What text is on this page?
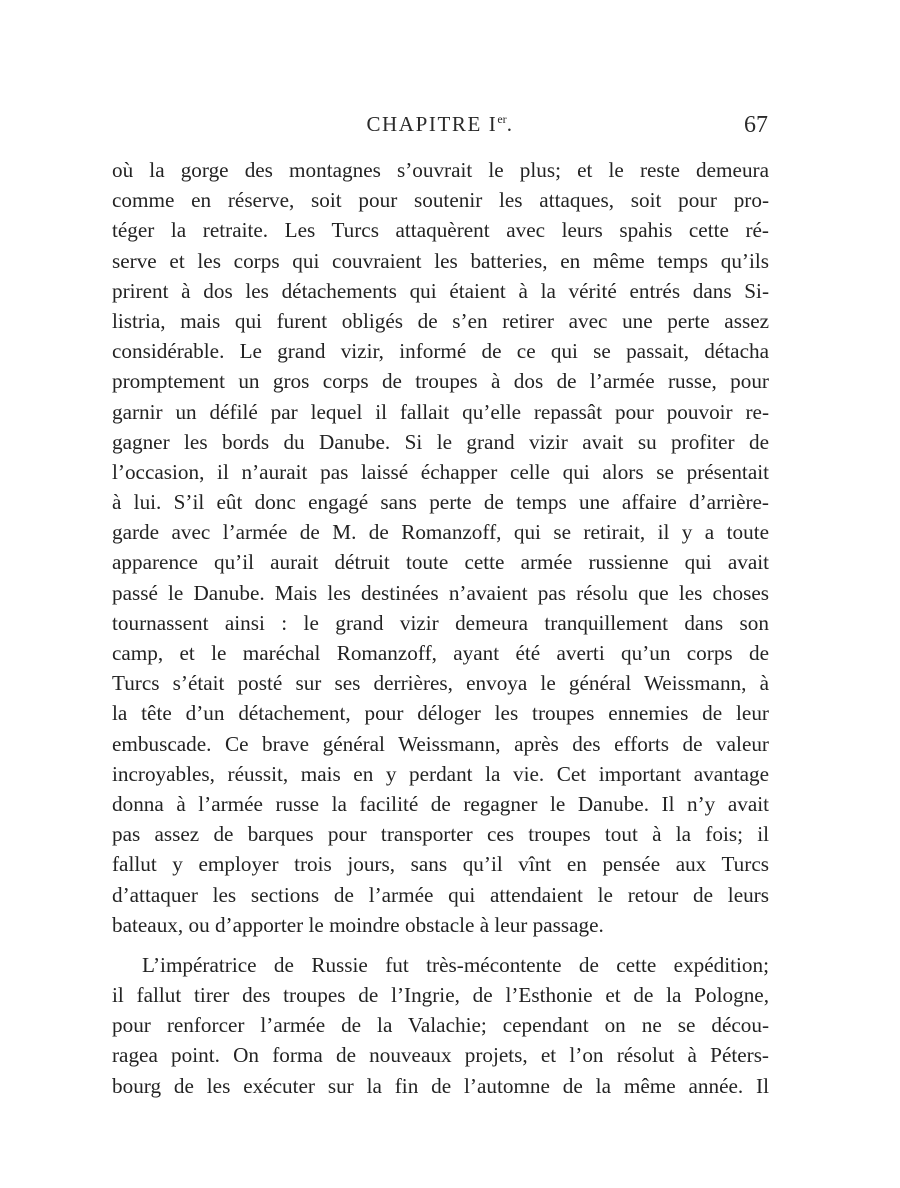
CHAPITRE Ier.	67
où la gorge des montagnes s’ouvrait le plus; et le reste demeura
comme en réserve, soit pour soutenir les attaques, soit pour pro-
téger la retraite. Les Turcs attaquèrent avec leurs spahis cette ré-
serve et les corps qui couvraient les batteries, en même temps qu’ils
prirent à dos les détachements qui étaient à la vérité entrés dans Si-
listria, mais qui furent obligés de s’en retirer avec une perte assez
considérable. Le grand vizir, informé de ce qui se passait, détacha
promptement un gros corps de troupes à dos de l’armée russe, pour
garnir un défilé par lequel il fallait qu’elle repassât pour pouvoir re-
gagner les bords du Danube. Si le grand vizir avait su profiter de
l’occasion, il n’aurait pas laissé échapper celle qui alors se présentait
à lui. S’il eût donc engagé sans perte de temps une affaire d’arrière-
garde avec l’armée de M. de Romanzoff, qui se retirait, il y a toute
apparence qu’il aurait détruit toute cette armée russienne qui avait
passé le Danube. Mais les destinées n’avaient pas résolu que les choses
tournassent ainsi : le grand vizir demeura tranquillement dans son
camp, et le maréchal Romanzoff, ayant été averti qu’un corps de
Turcs s’était posté sur ses derrières, envoya le général Weissmann, à
la tête d’un détachement, pour déloger les troupes ennemies de leur
embuscade. Ce brave général Weissmann, après des efforts de valeur
incroyables, réussit, mais en y perdant la vie. Cet important avantage
donna à l’armée russe la facilité de regagner le Danube. Il n’y avait
pas assez de barques pour transporter ces troupes tout à la fois; il
fallut y employer trois jours, sans qu’il vînt en pensée aux Turcs
d’attaquer les sections de l’armée qui attendaient le retour de leurs
bateaux, ou d’apporter le moindre obstacle à leur passage.
L’impératrice de Russie fut très-mécontente de cette expédition;
il fallut tirer des troupes de l’Ingrie, de l’Esthonie et de la Pologne,
pour renforcer l’armée de la Valachie; cependant on ne se décou-
ragea point. On forma de nouveaux projets, et l’on résolut à Péters-
bourg de les exécuter sur la fin de l’automne de la même année. Il
